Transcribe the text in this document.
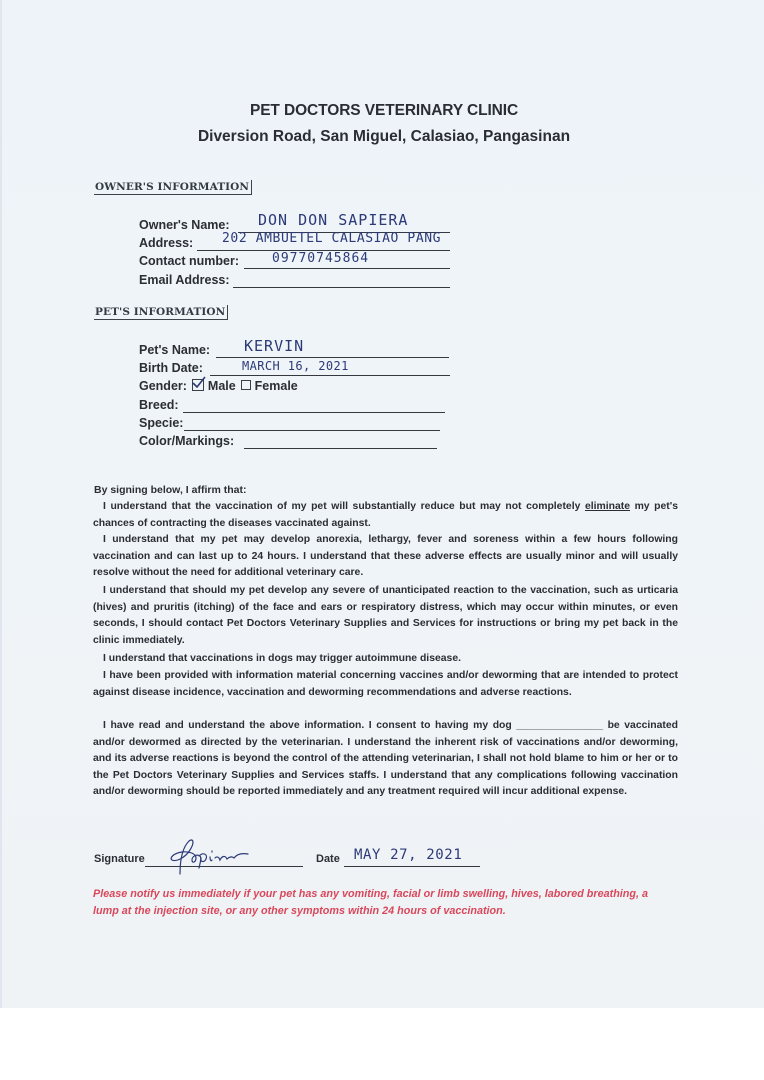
PET DOCTORS VETERINARY CLINIC
Diversion Road, San Miguel, Calasiao, Pangasinan
OWNER'S INFORMATION
Owner's Name: DON DON SAPIERA
Address: 202 AMBUETEL CALASIAO PANG
Contact number:	09770745864
Email Address:
PET'S INFORMATION
Pet's Name: KERVIN
Birth Date:	MARCH 16, 2021
Gender: Male Female
Breed:
Specie:
Color/Markings:
By signing below, I affirm that:
I understand that the vaccination of my pet will substantially reduce but may not completely eliminate my pet's chances of contracting the diseases vaccinated against.
I understand that my pet may develop anorexia, lethargy, fever and soreness within a few hours following vaccination and can last up to 24 hours. I understand that these adverse effects are usually minor and will usually resolve without the need for additional veterinary care.
I understand that should my pet develop any severe of unanticipated reaction to the vaccination, such as urticaria (hives) and pruritis (itching) of the face and ears or respiratory distress, which may occur within minutes, or even seconds, I should contact Pet Doctors Veterinary Supplies and Services for instructions or bring my pet back in the clinic immediately.
I understand that vaccinations in dogs may trigger autoimmune disease.
I have been provided with information material concerning vaccines and/or deworming that are intended to protect against disease incidence, vaccination and deworming recommendations and adverse reactions.
I have read and understand the above information. I consent to having my dog _______________ be vaccinated and/or dewormed as directed by the veterinarian. I understand the inherent risk of vaccinations and/or deworming, and its adverse reactions is beyond the control of the attending veterinarian, I shall not hold blame to him or her or to the Pet Doctors Veterinary Supplies and Services staffs. I understand that any complications following vaccination and/or deworming should be reported immediately and any treatment required will incur additional expense.
Signature	Date MAY 27, 2021
Please notify us immediately if your pet has any vomiting, facial or limb swelling, hives, labored breathing, a lump at the injection site, or any other symptoms within 24 hours of vaccination.
